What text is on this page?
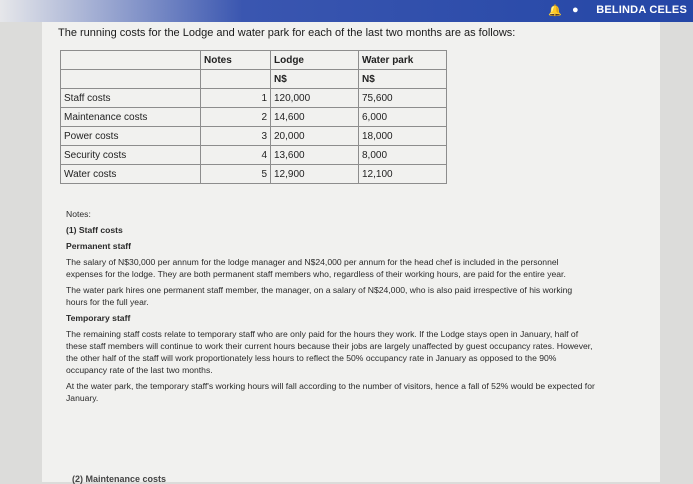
🔔 ● BELINDA CELES
The running costs for the Lodge and water park for each of the last two months are as follows:
	Notes	Lodge	Water park
		N$	N$
Staff costs	1	120,000	75,600
Maintenance costs	2	14,600	6,000
Power costs	3	20,000	18,000
Security costs	4	13,600	8,000
Water costs	5	12,900	12,100

Notes:

(1) Staff costs

Permanent staff

The salary of N$30,000 per annum for the lodge manager and N$24,000 per annum for the head chef is included in the personnel expenses for the lodge. They are both permanent staff members who, regardless of their working hours, are paid for the entire year.

The water park hires one permanent staff member, the manager, on a salary of N$24,000, who is also paid irrespective of his working hours for the full year.

Temporary staff

The remaining staff costs relate to temporary staff who are only paid for the hours they work. If the Lodge stays open in January, half of these staff members will continue to work their current hours because their jobs are largely unaffected by guest occupancy rates. However, the other half of the staff will work proportionately less hours to reflect the 50% occupancy rate in January as opposed to the 90% occupancy rate of the last two months.

At the water park, the temporary staff's working hours will fall according to the number of visitors, hence a fall of 52% would be expected for January.

(2) Maintenance costs
